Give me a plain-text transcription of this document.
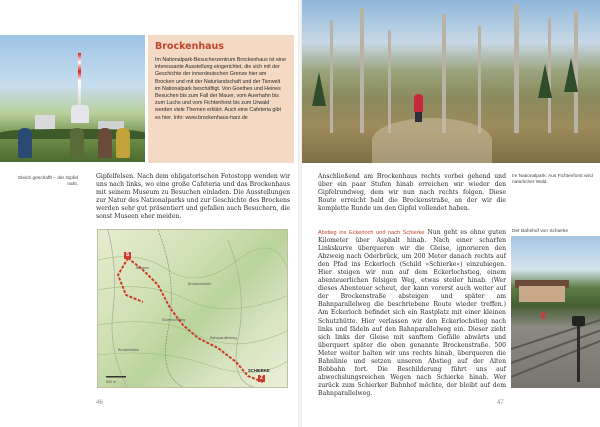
Brockenhaus
Im Nationalpark-Besucherzentrum Brockenhaus ist eine interessante Ausstellung eingerichtet, die sich mit der Geschichte der innerdeutschen Grenze hier am Brocken und mit der Naturlandschaft und der Tierwelt im Nationalpark beschäftigt. Von Goethes und Heines Besuchen bis zum Fall der Mauer, vom Auerhahn bis zum Luchs und vom Fichtenforst bis zum Urwald werden viele Themen erklärt. Auch eine Cafeteria gibt es hier. Info: www.brockenhaus-harz.de
Gleich geschafft – der Gipfel naht.
Gipfelfelsen. Nach dem obligatorischen Fotostopp wenden wir uns nach links, wo eine große Cafeteria und das Brockenhaus mit seinem Museum zu Besuchen einladen. Die Ausstellungen zur Natur des Nationalparks und zur Geschichte des Brockens werden sehr gut präsentiert und gefallen auch Besuchern, die sonst Museen eher meiden.
S
Z
SCHIERKE
Brocken
Brockenstraße
Eckerlochstieg
Bahnparallelweg
Brockenbahn
500 m
46
Anschließend am Brockenhaus rechts vorbei gehend und über ein paar Stufen hinab erreichen wir wieder den Gipfelrundweg, dem wir nun nach rechts folgen. Diese Route erreicht bald die Brockenstraße, an der wir die komplette Runde um den Gipfel vollendet haben.
Abstieg ins Eckerloch und nach Schierke Nun geht es ohne guten Kilometer über Asphalt hinab. Nach einer scharfen Linkskurve überqueren wir die Gleise, ignorieren den Abzweig nach Oderbrück, um 200 Meter danach rechts auf den Pfad ins Eckerloch (Schild »Schierke«) einzubiegen. Hier steigen wir nun auf dem Eckerlochstieg, einem abenteuerlichen felsigen Weg, etwas steiler hinab. (Wer dieses Abenteuer scheut, der kann vorerst auch weiter auf der Brockenstraße absteigen und später am Bahnparallelweg die beschriebene Route wieder treffen.) Am Eckerloch befindet sich ein Rastplatz mit einer kleinen Schutzhütte. Hier verlassen wir den Eckerlochstieg nach links und fädeln auf den Bahnparallelweg ein. Dieser zieht sich links der Gleise mit sanftem Gefälle abwärts und überquert später die oben genannte Brockenstraße. 500 Meter weiter halten wir uns rechts hinab, überqueren die Bahnlinie und setzen unseren Abstieg auf der Alten Bobbahn fort. Die Beschilderung führt uns auf abwechslungsreichen Wegen nach Schierke hinab. Wer zurück zum Schierker Bahnhof möchte, der bleibt auf dem Bahnparallelweg.
Im Nationalpark: Aus Fichtenforst wird natürlicher Wald.
Der Bahnhof von Schierke
47
